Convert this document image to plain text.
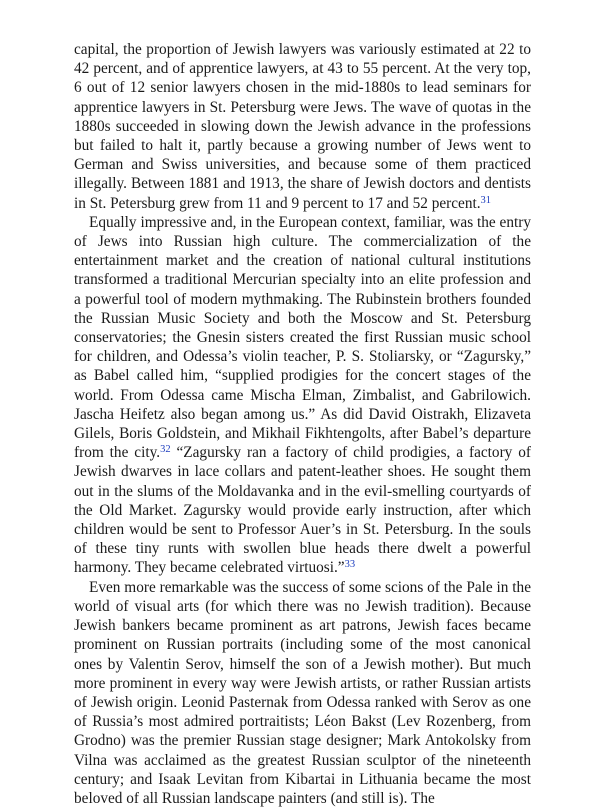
capital, the proportion of Jewish lawyers was variously estimated at 22 to 42 percent, and of apprentice lawyers, at 43 to 55 percent. At the very top, 6 out of 12 senior lawyers chosen in the mid-1880s to lead seminars for apprentice lawyers in St. Petersburg were Jews. The wave of quotas in the 1880s succeeded in slowing down the Jewish advance in the professions but failed to halt it, partly because a growing number of Jews went to German and Swiss universities, and because some of them practiced illegally. Between 1881 and 1913, the share of Jewish doctors and dentists in St. Petersburg grew from 11 and 9 percent to 17 and 52 percent.$^{31}$

Equally impressive and, in the European context, familiar, was the entry of Jews into Russian high culture. The commercialization of the entertainment market and the creation of national cultural institutions transformed a traditional Mercurian specialty into an elite profession and a powerful tool of modern mythmaking. The Rubinstein brothers founded the Russian Music Society and both the Moscow and St. Petersburg conservatories; the Gnesin sisters created the first Russian music school for children, and Odessa’s violin teacher, P. S. Stoliarsky, or “Zagursky,” as Babel called him, “supplied prodigies for the concert stages of the world. From Odessa came Mischa Elman, Zimbalist, and Gabrilowich. Jascha Heifetz also began among us.” As did David Oistrakh, Elizaveta Gilels, Boris Goldstein, and Mikhail Fikhtengolts, after Babel’s departure from the city.$^{32}$ “Zagursky ran a factory of child prodigies, a factory of Jewish dwarves in lace collars and patent-leather shoes. He sought them out in the slums of the Moldavanka and in the evil-smelling courtyards of the Old Market. Zagursky would provide early instruction, after which children would be sent to Professor Auer’s in St. Petersburg. In the souls of these tiny runts with swollen blue heads there dwelt a powerful harmony. They became celebrated virtuosi.”$^{33}$

Even more remarkable was the success of some scions of the Pale in the world of visual arts (for which there was no Jewish tradition). Because Jewish bankers became prominent as art patrons, Jewish faces became prominent on Russian portraits (including some of the most canonical ones by Valentin Serov, himself the son of a Jewish mother). But much more prominent in every way were Jewish artists, or rather Russian artists of Jewish origin. Leonid Pasternak from Odessa ranked with Serov as one of Russia’s most admired portraitists; Léon Bakst (Lev Rozenberg, from Grodno) was the premier Russian stage designer; Mark Antokolsky from Vilna was acclaimed as the greatest Russian sculptor of the nineteenth century; and Isaak Levitan from Kibartai in Lithuania became the most beloved of all Russian landscape painters (and still is). The
